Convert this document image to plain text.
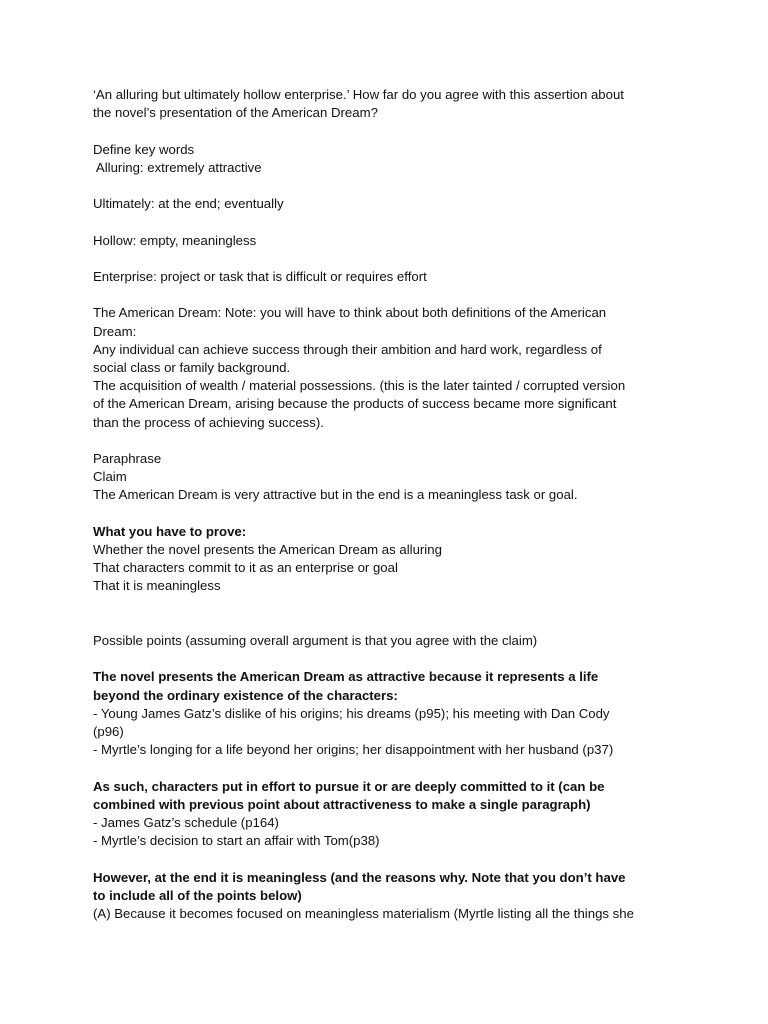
‘An alluring but ultimately hollow enterprise.’ How far do you agree with this assertion about
the novel’s presentation of the American Dream?
Define key words
Alluring: extremely attractive
Ultimately: at the end; eventually
Hollow: empty, meaningless
Enterprise: project or task that is difficult or requires effort
The American Dream: Note: you will have to think about both definitions of the American
Dream:
Any individual can achieve success through their ambition and hard work, regardless of
social class or family background.
The acquisition of wealth / material possessions. (this is the later tainted / corrupted version
of the American Dream, arising because the products of success became more significant
than the process of achieving success).
Paraphrase
Claim
The American Dream is very attractive but in the end is a meaningless task or goal.
What you have to prove:
Whether the novel presents the American Dream as alluring
That characters commit to it as an enterprise or goal
That it is meaningless
Possible points (assuming overall argument is that you agree with the claim)
The novel presents the American Dream as attractive because it represents a life
beyond the ordinary existence of the characters:
- Young James Gatz’s dislike of his origins; his dreams (p95); his meeting with Dan Cody
(p96)
- Myrtle’s longing for a life beyond her origins; her disappointment with her husband (p37)
As such, characters put in effort to pursue it or are deeply committed to it (can be
combined with previous point about attractiveness to make a single paragraph)
- James Gatz’s schedule (p164)
- Myrtle’s decision to start an affair with Tom(p38)
However, at the end it is meaningless (and the reasons why. Note that you don’t have
to include all of the points below)
(A) Because it becomes focused on meaningless materialism (Myrtle listing all the things she
